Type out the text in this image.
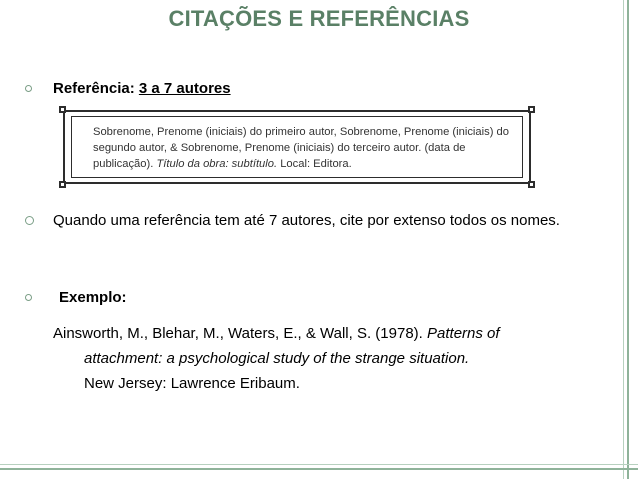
CITAÇÕES E REFERÊNCIAS
Referência: 3 a 7 autores
Sobrenome, Prenome (iniciais) do primeiro autor, Sobrenome, Prenome (iniciais) do segundo autor, & Sobrenome, Prenome (iniciais) do terceiro autor. (data de publicação). Título da obra: subtítulo. Local: Editora.
Quando uma referência tem até 7 autores, cite por extenso todos os nomes.
Exemplo:
Ainsworth, M., Blehar, M., Waters, E., & Wall, S. (1978). Patterns of
attachment: a psychological study of the strange situation.
New Jersey: Lawrence Eribaum.
